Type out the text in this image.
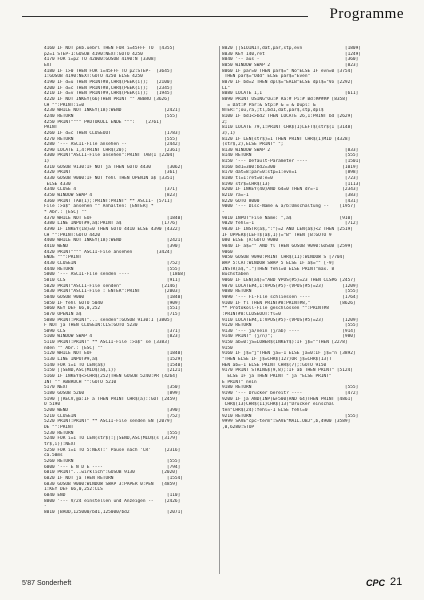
Programme
4160 IF NOT pkb.uebrl THEN FOR i=45FFF TO  [4355]
p2=1 STEP-1:GOSUB 4190:NEXT:GOTO 4250
4170 FOR i=p2 TO 42000:GOSUB 4190:N [3308]
EXT
4180 IF i>0 THEN FOR i=45FFF TO p2:STEP-  [3645]
1:GOSUB 4190:NEXT:GOTO 4250 ELSE 4250
4190 IF d=u THEN PRINT#8,CHR$(PEEK(i));   [2100]
4200 IF d=c THEN PRINT#8,CHR$(PEEK(i));   [2345]
4210 IF d=v THEN PRINT#9,CHR$(PEEK(i));   [1945]
4220 IF NOT INKEY(66)THEN PRINT "" ABBRU [3626]
CH "":PRINT:i=0
4230 WHILE NOT INKEY(18):WEND                [2421]
4240 RETURN                                  [555]
4250 PRINT"""" PROTOKOLL ENDE """:    [2761]
PRINT
4260 IF d=c THEN CLOSEOUT                    [1783]
4270 RETURN                                  [555]
4280 '--- ASCII-File ansehen --              [2442]
4290 LOCATE 1,4:PRINT CHR$(20);              [2361]
4300 PRINT"ASCII-File ansehen":PRINT TAB(1 [2204]
1)
4310 GOSUB 9130:IF NOT ja THEN GOTO 4430      [3062]
4320 PRINT                                   [361]
4330 GOSUB 9000:IF NOT fehl THEN OPENIN a$ [3351]
ELSE 4330
4340 CLOSE 4                                 [371]
4350 WINDOW SWAP 4                           [823]
4360 PRINT TAB(1);:PRINT:PRINT" ** ASCII- [5711]
File :>a$" ansehen "" Anhalten: [ENTER] *
* Abr.: [ESC] ""
4370 WHILE NOT EOF                            [1840]
4380 LINE INPUT#9,a$:PRINT a$               [1776]
4390 IF INKEY(18)=0 THEN GOTO 4410 ELSE 4390 [4322]
CH "":PRINT:GOTO 4420
4400 WHILE NOT INKEY(18):WEND                 [2421]
4410 WEND                                     [390]
4420 PRINT"""" ASCII-File ansehen         [3424]
ENDE """:PRINT
4430 CLOSEIN                                  [752]
4440 RETURN                                   [555]
5000 '--- ASCII-File senden ----               [1868]
5010 CLS                                      [911]
5020 PRINT"ASCII-File senden"               [2146]
5030 PRINT"ASCII-File : ENTER":PRINT         [2003]
5040 GOSUB 9000                               [1840]
5050 IF fehl GOTO 5040                        [909]
5060 KEY DEF 66,0,252                         [551]
5070 OPENIN a$                                [715]
5080 PRINT:PRINT"... senden":GOSUB 9130:I [3805]
F NOT ja THEN CLOSEIN:CLS:GOTO 5230
5090 CLS                                      [371]
5100 WINDOW SWAP 4                            [823]
5110 PRINT:PRINT" ** ASCII-File :>a$" se [3383]
nden "" Abr.: [ESC] ""
5120 WHILE NOT EOF                            [1840]
5130 LINE INPUT#9,a$                          [1529]
5140 FOR i=1 TO LEN(a$)                       [1540]
5150 ||SEND,ASC(MID$(a$,i))                   [2121]
5160 IF INKEY$<>CHR$(252)THEN GOSUB 5240:PR [4264]
INT "" ABBRUCH "":GOTO 5210
5170 NEXT                                     [350]
5180 GOSUB 5260                               [899]
5190 ||RECV,@a:IF a THEN PRINT CHR$(a)::GOT [2459]
O 5190
5200 WEND                                     [390]
5210 CLOSEIN                                  [752]
5220 PRINT:PRINT" ** ASCII-File senden EN [2079]
DE "":PRINT
5230 RETURN                                   [555]
5240 FOR i=1 TO LEN(str$):||SEND,ASC(MID$(s [3179]
tr$,i)):NEXT
5250 FOR i=1 TO 5:NEXT:' Pause nach 'CR'     [2316]
ca.50ms
5260 RETURN                                   [555]
6000 '--- E N D E ----                        [794]
6010 PRINT"...wirklich":GOSUB 9130          [2020]
6020 IF NOT ja THEN RETURN                    [1554]
6030 GOSUB 9000:WINDOW SWAP 3:PAPER 0:PEN   [4859]
1:KEY DEF 66,0,252:CLS
6040 END                                      [110]
8000 '--- V/24 einstellen und Anzeigen --    [2426]
-
8010 |BAUD,125000/bd1,125000/bd2              [2071]
8020 ||SIOINIT,dat,par,stp,evn                [1809]
8030 KEY 140,ret                              [1249]
8040 '-- aus -                                [360]
8050 WINDOW SWAP 2                            [823]
8060 IF par=0 THEN par$=" No"ELSE IF evn=0 [3754]
THEN par$="Odd" ELSE par$="Even"
8070 IF bd=2 THEN dpl$="EALB"ELSE dpl$="Vo [2292]
LL"
8080 LOCATE 1,1                               [611]
8090 PRINT USING"Ou:# Ra:# Pi:# Bd:##### [8358]
= Dat:# Par:& Stp:# & = & Dupl: &
NTER:";ou,ra,;tl,bd1,dat,par$,stp,dpl$
8100 IF bd1<>bd2 THEN LOCATE 26,1:PRINT bd [2629]
2;
8110 LOCATE 79,1:PRINT CHR$(1)LEFT$(str$(1 [3148]
3),1)
8120 IF LEN(str$)=1 THEN PRINT CHR$(1)MID [4328]
(str$,2),ELSE PRINT" ";
8130 WINDOW SWAP 2                            [833]
8140 RETURN                                   [555]
8150 '--- Default-Parameter ----              [1501]
8160 bd1=300:bd2=300                         [1019]
8170 dat=8:par=0:stp=1:evn=1                  [898]
8180 tl=1:ret=0:e=0                           [723]
8190 str$=CHR$(13)                            [1113]
8200 IF INKEY(40)AND 64=0 THEN dr=-1         [2343]
8210 ra=-1                                    [383]
8220 GOTO 8000                                [431]
9000 '--- Disc-Name & a/b:Umschaltung --    [1957]
-
9010 INPUT"File Name: ",a$                  [910]
9020 fehl=-1                                  [712]
9030 IF INSTR(a$,":")=2 AND LEN(a$)<2 THEN [2519]
IF UPPER$(LEFT$(a$,1))="B" THEN |B:GOTO 9
080 ELSE |A:GOTO 9080
9040 IF a$="" AND fl THEN GOSUB 9090:GOSUB [2599]
9060
9050 GOSUB 9090:PRINT CHR$(11):WINDOW S [7704]
WAP 5:CAT:WINDOW SWAP 5 ELSE IF a$="" [-9]
INSTR(a$,".")THEN fehl=0 ELSE PRINT"max. 8
Buchstaben
9060 IF LEN(a$)="ABD VPOS(#5)=23 THEN CLS#6 [2457]
9070 LOCATE#4,1:VPOS(#5)-(VPOS(#5)=23)       [1209]
9080 RETURN                                   [555]
9090 '--- Fi-File schliessen ----            [1764]
9100 IF fl THEN PRINT#8:PRINT#8,"           [8626]
** Protokoll-File geschlossen "":PRINT#8
:PRINT#8:CLOSEOUT:fl=0
9110 LOCATE#4,1:VPOS(#5)-(VPOS(#5)=23)       [1209]
9120 RETURN                                   [555]
9130 '--- ja/nein (j/ab) ----                [914]
9140 PRINT" (j/n)";                          [980]
9150 ab=0:jS=LOWER$(INKEY$):IF j$=""THEN [2278]
9150
9160 IF j$="j"THEN ja=-1 ELSE ja=0:IF j$="n [3892]
"THEN ELSE IF j$=CHR$(127)OR j$=CHR$(13)T
HEN ab=-1 ELSE PRINT CHR$(7);:GOTO 9150
9170 PRINT STRING$(9,8);:IF ab THEN PRINT" [5124]
ELSE IF ja THEN PRINT " ja "ELSE PRINT"
E PRINT" nein
9180 RETURN                                   [555]
9190 '--- Drucker bereit? ----                [472]
9200 IF ja AND(INP(&F500)AND 64)THEN PRINT [4861]
CHR$(13)CHR$(11)CHR$(13)"Drucker einschal
ten"CHR$(24):fehl=-1 ELSE fehl=0
9210 RETURN                                   [555]
9999 SAVE"cpc-term":SAVE"MAIL.OBJ",b,4900 [3589]
,0,6280:STOP
5'87 Sonderheft	CPC 21
